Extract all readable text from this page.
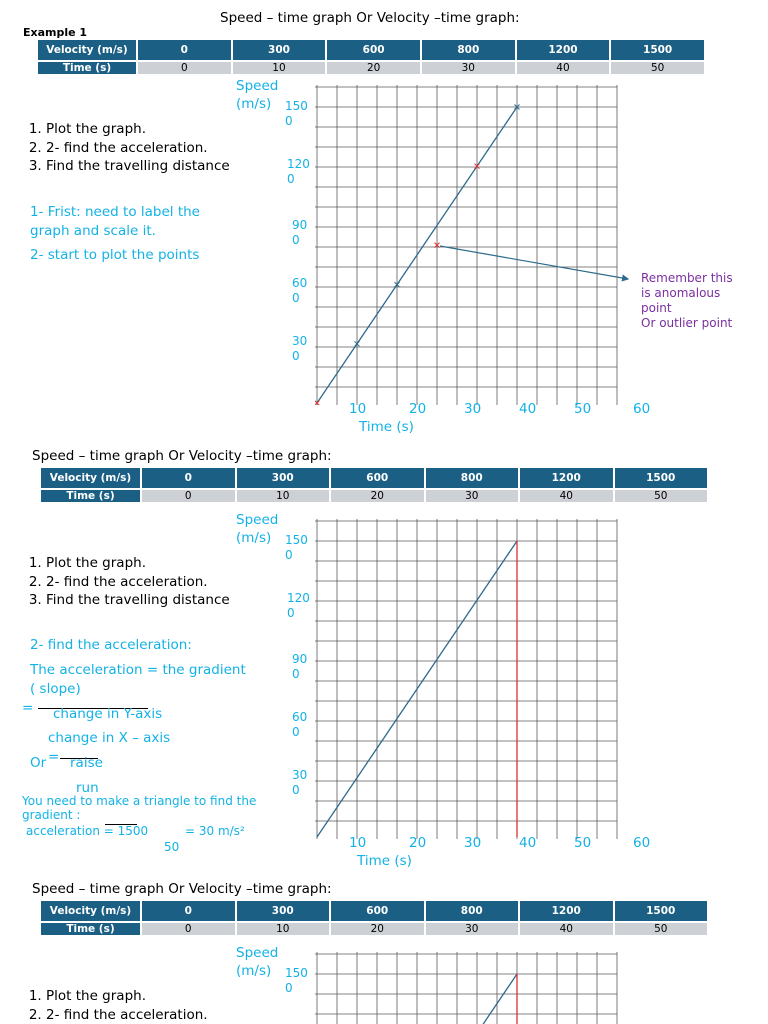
Example 1
Speed – time graph Or Velocity –time graph:
Velocity (m/s)	0	300	600	800	1200	1500
Time (s)	0	10	20	30	40	50
1. Plot the graph.
2. 2- find the acceleration.
3. Find the travelling distance
1- Frist: need to label the
graph and scale it.
2- start to plot the points
Speed
(m/s)	150
0
120
0
90
0
60
0
30
0
10	20	30	40	50	60
Time (s)
Remember this
is anomalous
point
Or outlier point
Speed – time graph Or Velocity –time graph:
Velocity (m/s)	0	300	600	800	1200	1500
Time (s)	0	10	20	30	40	50
1. Plot the graph.
2. 2- find the acceleration.
3. Find the travelling distance
2- find the acceleration:
The acceleration = the gradient
( slope)
= change in Y-axis
change in X – axis
Or = raise
run
You need to make a triangle to find the
gradient :
acceleration = 1500	= 30 m/s²
50
Speed
(m/s)	150
0
120
0
90
0
60
0
30
0
10	20	30	40	50	60
Time (s)
Speed – time graph Or Velocity –time graph:
Velocity (m/s)	0	300	600	800	1200	1500
Time (s)	0	10	20	30	40	50
1. Plot the graph.
2. 2- find the acceleration.
Speed
(m/s)	150
0
